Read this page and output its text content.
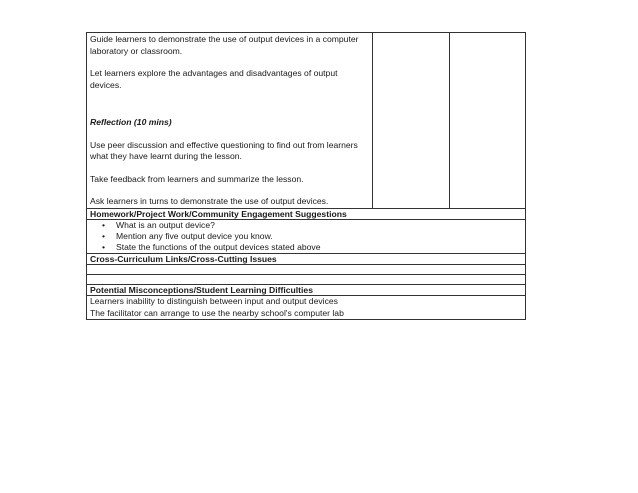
Guide learners to demonstrate the use of output devices in a computer laboratory or classroom.

Let learners explore the advantages and disadvantages of output devices.

Reflection (10 mins)

Use peer discussion and effective questioning to find out from learners what they have learnt during the lesson.

Take feedback from learners and summarize the lesson.

Ask learners in turns to demonstrate the use of output devices.

Homework/Project Work/Community Engagement Suggestions

• What is an output device?
• Mention any five output device you know.
• State the functions of the output devices stated above

Cross-Curriculum Links/Cross-Cutting Issues

Potential Misconceptions/Student Learning Difficulties

Learners inability to distinguish between input and output devices
The facilitator can arrange to use the nearby school's computer lab
